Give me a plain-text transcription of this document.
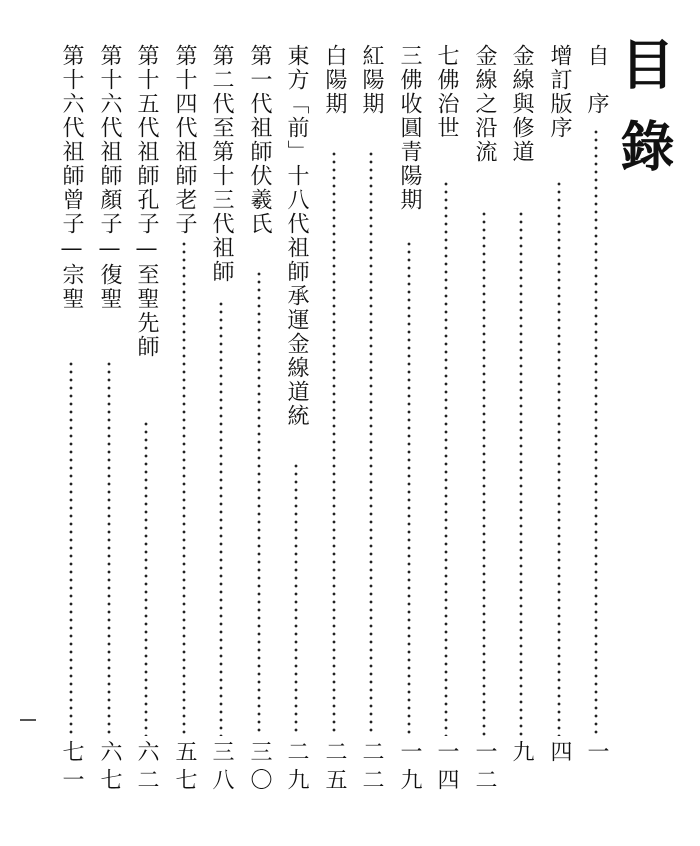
目錄
自　序
一
增訂版序
四
金線與修道
九
金線之沿流
一二
七佛治世
一四
三佛收圓青陽期
一九
紅陽期
二二
白陽期
二五
東方「前」十八代祖師承運金線道統
二九
第一代祖師伏羲氏
三〇
第二代至第十三代祖師
三八
第十四代祖師老子
五七
第十五代祖師孔子—至聖先師
六二
第十六代祖師顏子—復聖
六七
第十六代祖師曾子—宗聖
七一
